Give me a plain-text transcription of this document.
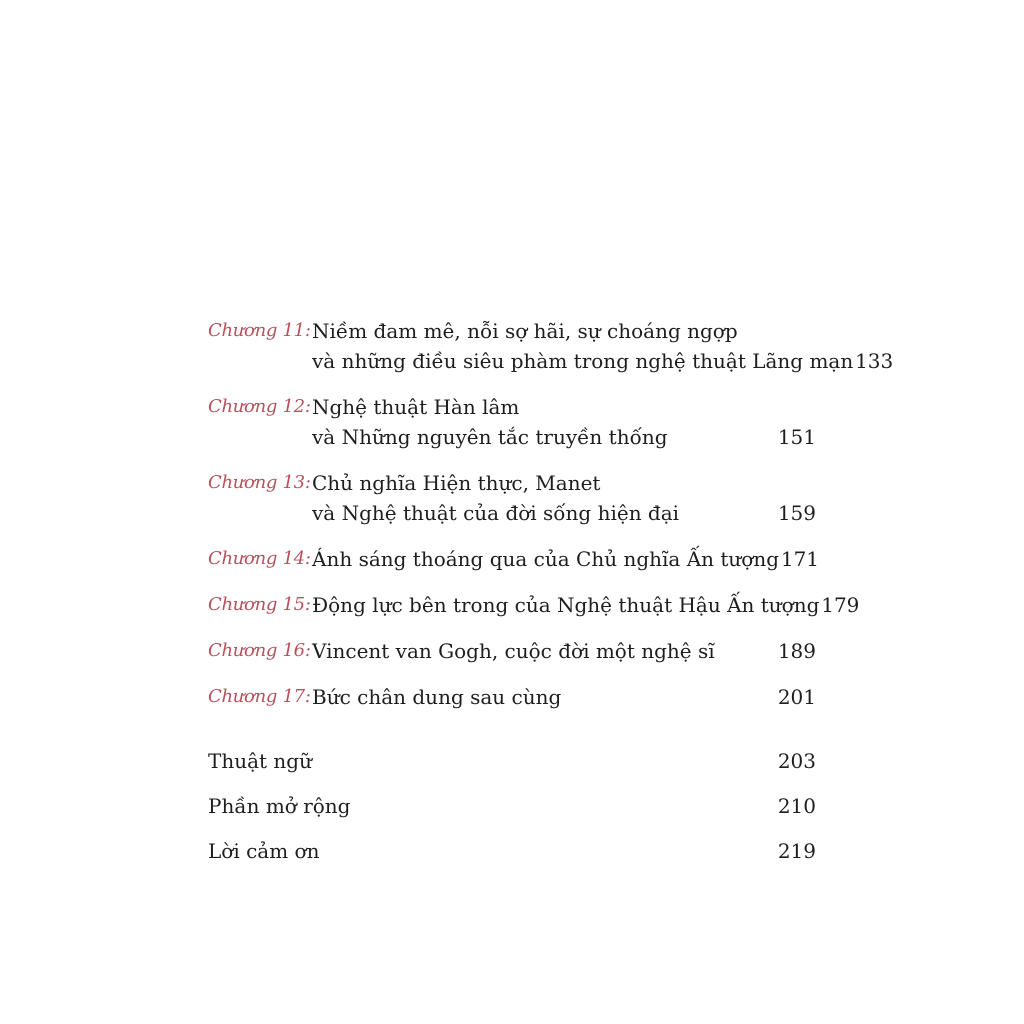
Chương 11: Niềm đam mê, nỗi sợ hãi, sự choáng ngợp
và những điều siêu phàm trong nghệ thuật Lãng mạn 133
Chương 12: Nghệ thuật Hàn lâm
và Những nguyên tắc truyền thống	151
Chương 13: Chủ nghĩa Hiện thực, Manet
và Nghệ thuật của đời sống hiện đại	159
Chương 14: Ánh sáng thoáng qua của Chủ nghĩa Ấn tượng 171
Chương 15: Động lực bên trong của Nghệ thuật Hậu Ấn tượng 179
Chương 16: Vincent van Gogh, cuộc đời một nghệ sĩ	189
Chương 17: Bức chân dung sau cùng	201
Thuật ngữ	203
Phần mở rộng	210
Lời cảm ơn	219
